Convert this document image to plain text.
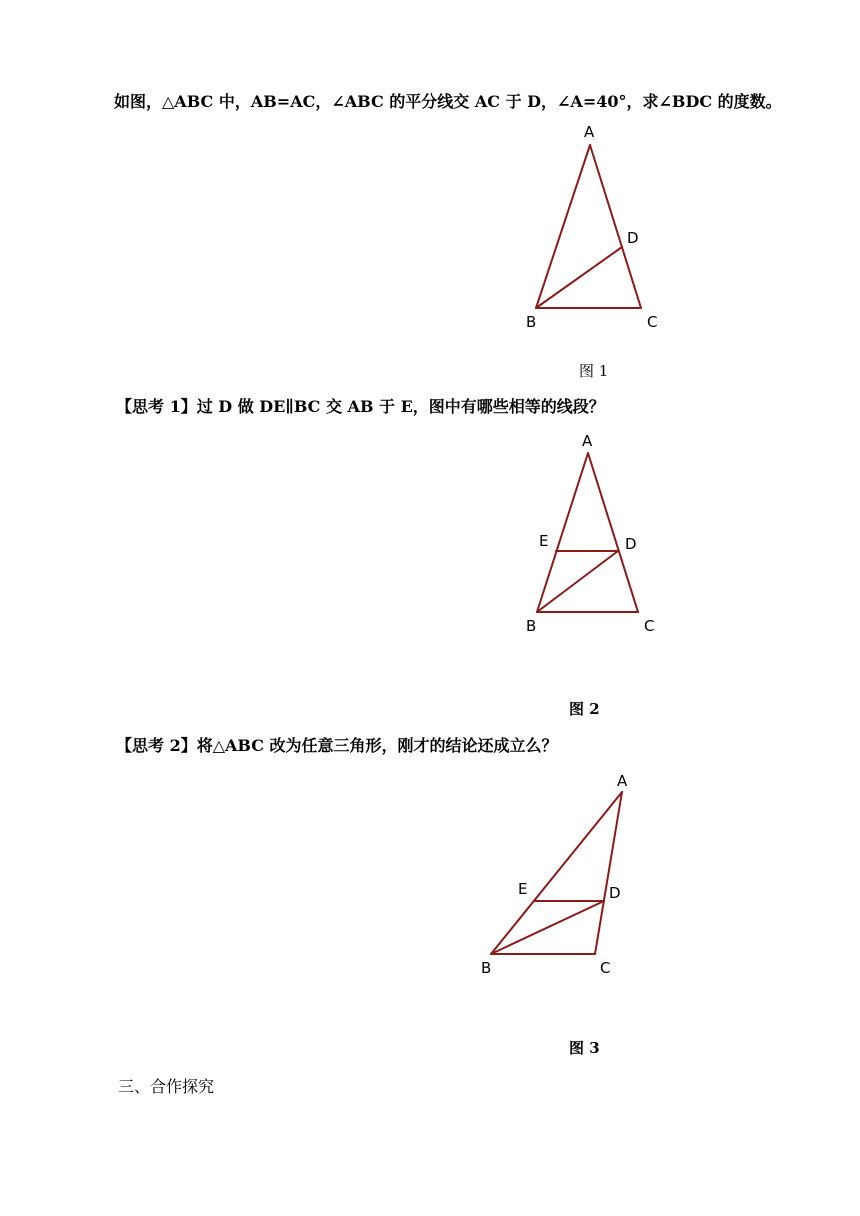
如图，△ABC 中，AB=AC，∠ABC 的平分线交 AC 于 D，∠A=40°，求∠BDC 的度数。
A
D
B	C
图 1
【思考 1】过 D 做 DE∥BC 交 AB 于 E，图中有哪些相等的线段？
A
E	D
B	C
图 2
【思考 2】将△ABC 改为任意三角形，刚才的结论还成立么？
A
E	D
B	C
图 3
三、合作探究
